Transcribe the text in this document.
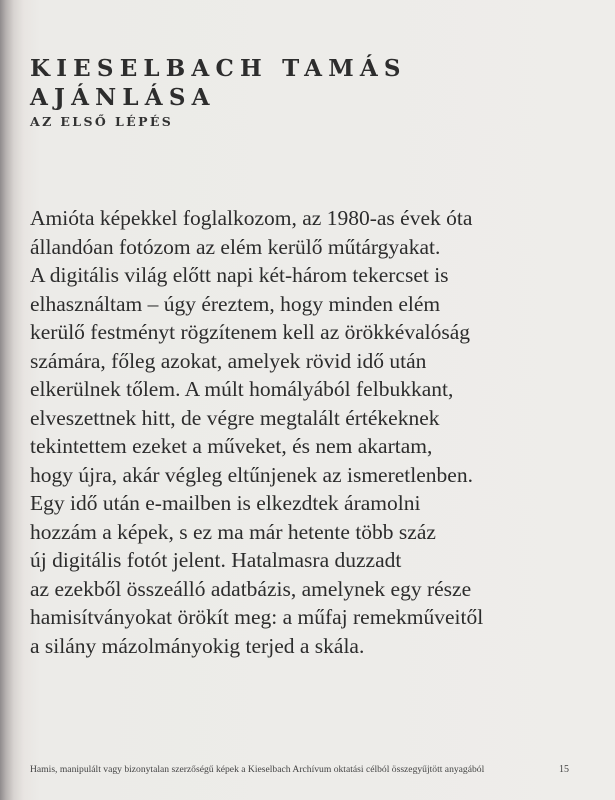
KIESELBACH TAMÁS
AJÁNLÁSA
AZ ELSŐ LÉPÉS
Amióta képekkel foglalkozom, az 1980-as évek óta
állandóan fotózom az elém kerülő műtárgyakat.
A digitális világ előtt napi két-három tekercset is
elhasználtam – úgy éreztem, hogy minden elém
kerülő festményt rögzítenem kell az örökkévalóság
számára, főleg azokat, amelyek rövid idő után
elkerülnek tőlem. A múlt homályából felbukkant,
elveszettnek hitt, de végre megtalált értékeknek
tekintettem ezeket a műveket, és nem akartam,
hogy újra, akár végleg eltűnjenek az ismeretlenben.
Egy idő után e-mailben is elkezdtek áramolni
hozzám a képek, s ez ma már hetente több száz
új digitális fotót jelent. Hatalmasra duzzadt
az ezekből összeálló adatbázis, amelynek egy része
hamisítványokat örökít meg: a műfaj remekműveitől
a silány mázolmányokig terjed a skála.
Hamis, manipulált vagy bizonytalan szerzőségű képek a Kieselbach Archívum oktatási célból összegyűjtött anyagából	15
